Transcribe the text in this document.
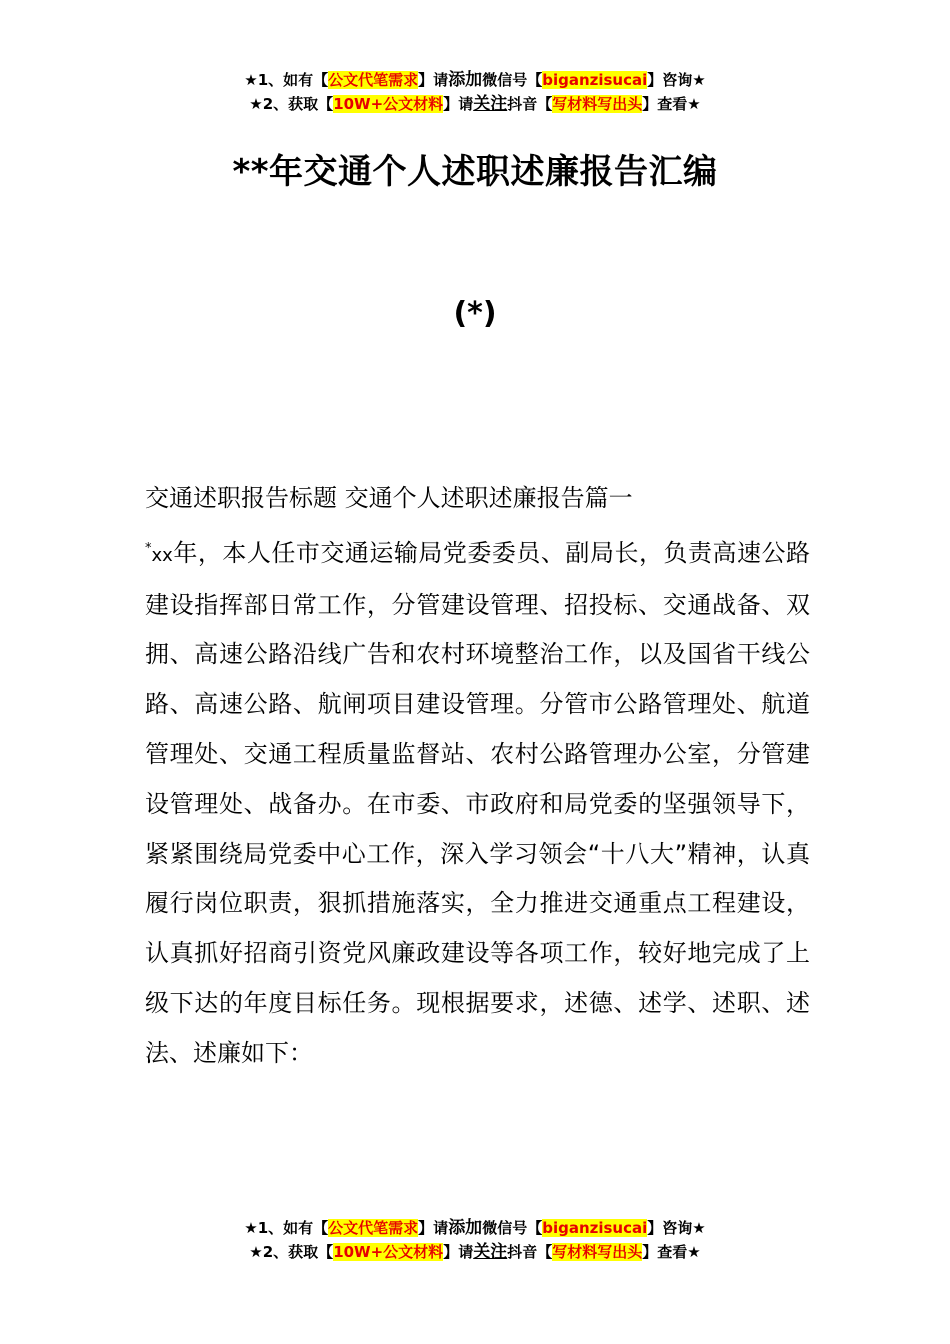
★1、如有【公文代笔需求】请添加微信号【biganzisucai】咨询★
★2、获取【10W+公文材料】请关注抖音【写材料写出头】查看★
**年交通个人述职述廉报告汇编
(*)

交通述职报告标题 交通个人述职述廉报告篇一

*xx年，本人任市交通运输局党委委员、副局长，负责高速公路建设指挥部日常工作，分管建设管理、招投标、交通战备、双拥、高速公路沿线广告和农村环境整治工作，以及国省干线公路、高速公路、航闸项目建设管理。分管市公路管理处、航道管理处、交通工程质量监督站、农村公路管理办公室，分管建设管理处、战备办。在市委、市政府和局党委的坚强领导下，紧紧围绕局党委中心工作，深入学习领会“十八大”精神，认真履行岗位职责，狠抓措施落实，全力推进交通重点工程建设，认真抓好招商引资党风廉政建设等各项工作，较好地完成了上级下达的年度目标任务。现根据要求，述德、述学、述职、述法、述廉如下：

★1、如有【公文代笔需求】请添加微信号【biganzisucai】咨询★
★2、获取【10W+公文材料】请关注抖音【写材料写出头】查看★
